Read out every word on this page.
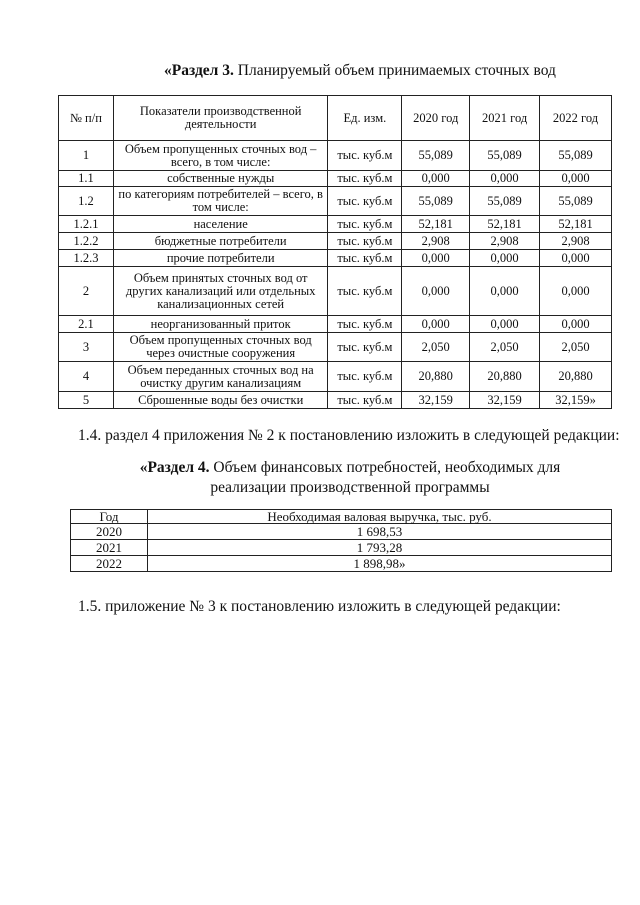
«Раздел 3. Планируемый объем принимаемых сточных вод
№ п/п	Показатели производственной деятельности	Ед. изм.	2020 год	2021 год	2022 год
1	Объем пропущенных сточных вод – всего, в том числе:	тыс. куб.м	55,089	55,089	55,089
1.1	собственные нужды	тыс. куб.м	0,000	0,000	0,000
1.2	по категориям потребителей – всего, в том числе:	тыс. куб.м	55,089	55,089	55,089
1.2.1	население	тыс. куб.м	52,181	52,181	52,181
1.2.2	бюджетные потребители	тыс. куб.м	2,908	2,908	2,908
1.2.3	прочие потребители	тыс. куб.м	0,000	0,000	0,000
2	Объем принятых сточных вод от других канализаций или отдельных канализационных сетей	тыс. куб.м	0,000	0,000	0,000
2.1	неорганизованный приток	тыс. куб.м	0,000	0,000	0,000
3	Объем пропущенных сточных вод через очистные сооружения	тыс. куб.м	2,050	2,050	2,050
4	Объем переданных сточных вод на очистку другим канализациям	тыс. куб.м	20,880	20,880	20,880
5	Сброшенные воды без очистки	тыс. куб.м	32,159	32,159	32,159»
1.4. раздел 4 приложения № 2 к постановлению изложить в следующей редакции:
«Раздел 4. Объем финансовых потребностей, необходимых для реализации производственной программы
Год	Необходимая валовая выручка, тыс. руб.
2020	1 698,53
2021	1 793,28
2022	1 898,98»
1.5. приложение № 3 к постановлению изложить в следующей редакции:
